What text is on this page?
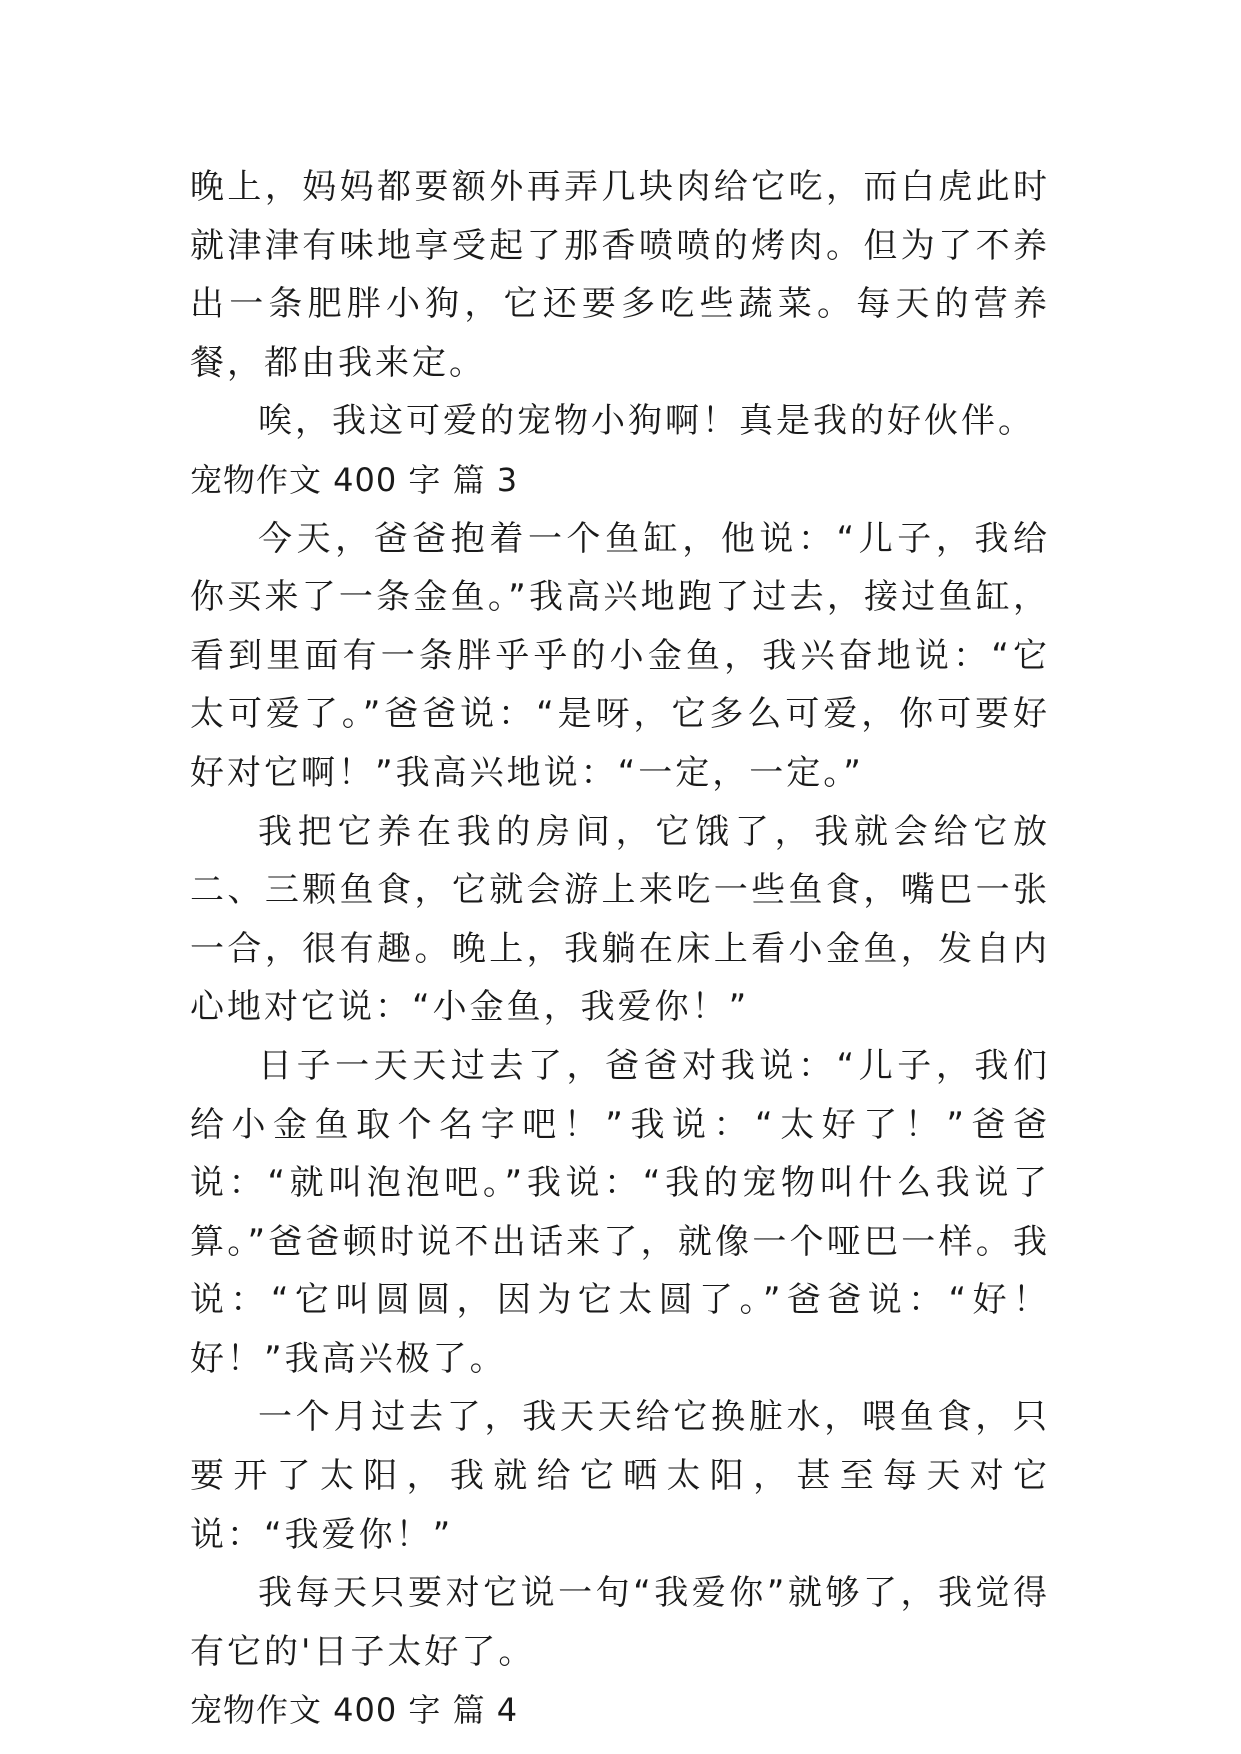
晚上，妈妈都要额外再弄几块肉给它吃，而白虎此时就津津有味地享受起了那香喷喷的烤肉。但为了不养出一条肥胖小狗，它还要多吃些蔬菜。每天的营养餐，都由我来定。

唉，我这可爱的宠物小狗啊！真是我的好伙伴。

宠物作文 400 字 篇 3

今天，爸爸抱着一个鱼缸，他说：“儿子，我给你买来了一条金鱼。”我高兴地跑了过去，接过鱼缸，看到里面有一条胖乎乎的小金鱼，我兴奋地说：“它太可爱了。”爸爸说：“是呀，它多么可爱，你可要好好对它啊！”我高兴地说：“一定，一定。”

我把它养在我的房间，它饿了，我就会给它放二、三颗鱼食，它就会游上来吃一些鱼食，嘴巴一张一合，很有趣。晚上，我躺在床上看小金鱼，发自内心地对它说：“小金鱼，我爱你！”

日子一天天过去了，爸爸对我说：“儿子，我们给小金鱼取个名字吧！”我说：“太好了！”爸爸说：“就叫泡泡吧。”我说：“我的宠物叫什么我说了算。”爸爸顿时说不出话来了，就像一个哑巴一样。我说：“它叫圆圆，因为它太圆了。”爸爸说：“好！好！”我高兴极了。

一个月过去了，我天天给它换脏水，喂鱼食，只要开了太阳，我就给它晒太阳，甚至每天对它说：“我爱你！”

我每天只要对它说一句“我爱你”就够了，我觉得有它的'日子太好了。

宠物作文 400 字 篇 4
